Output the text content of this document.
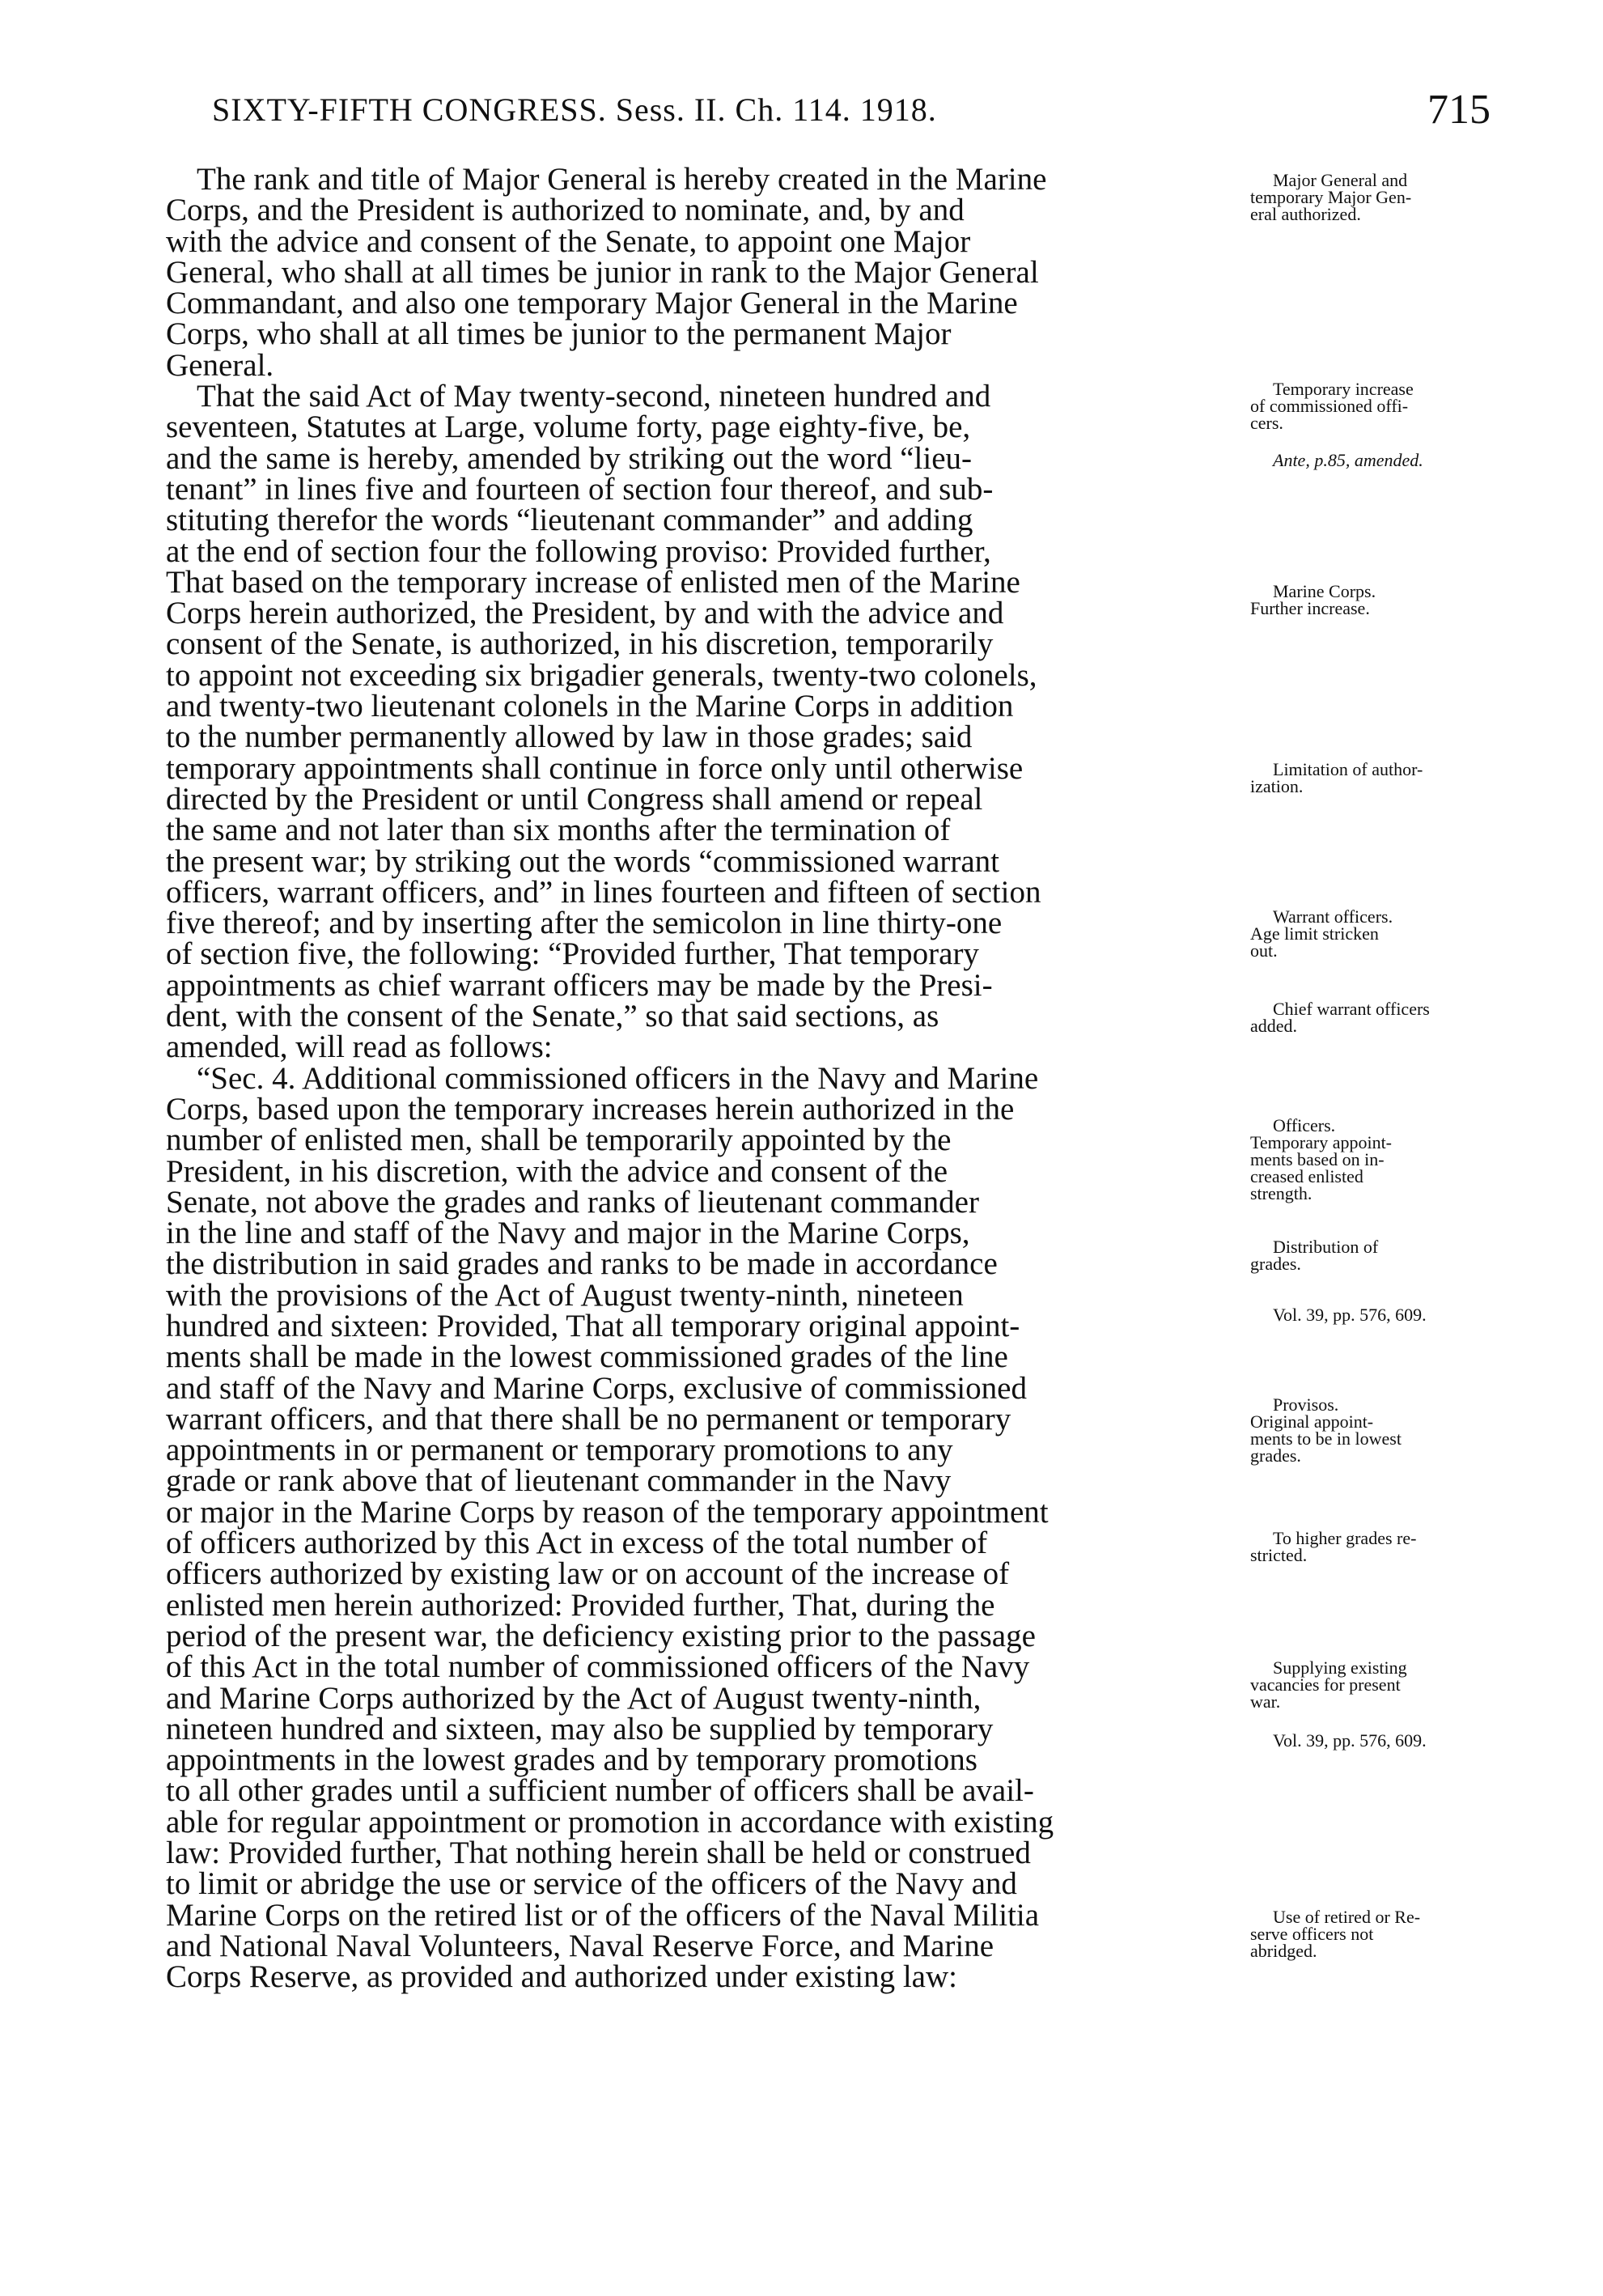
SIXTY-FIFTH CONGRESS. Sess. II. Ch. 114. 1918.	715

The rank and title of Major General is hereby created in the Marine
Corps, and the President is authorized to nominate, and, by and
with the advice and consent of the Senate, to appoint one Major
General, who shall at all times be junior in rank to the Major General
Commandant, and also one temporary Major General in the Marine
Corps, who shall at all times be junior to the permanent Major
General.

That the said Act of May twenty-second, nineteen hundred and
seventeen, Statutes at Large, volume forty, page eighty-five, be,
and the same is hereby, amended by striking out the word “lieu-
tenant” in lines five and fourteen of section four thereof, and sub-
stituting therefor the words “lieutenant commander” and adding
at the end of section four the following proviso: Provided further,
That based on the temporary increase of enlisted men of the Marine
Corps herein authorized, the President, by and with the advice and
consent of the Senate, is authorized, in his discretion, temporarily
to appoint not exceeding six brigadier generals, twenty-two colonels,
and twenty-two lieutenant colonels in the Marine Corps in addition
to the number permanently allowed by law in those grades; said
temporary appointments shall continue in force only until otherwise
directed by the President or until Congress shall amend or repeal
the same and not later than six months after the termination of
the present war; by striking out the words “commissioned warrant
officers, warrant officers, and” in lines fourteen and fifteen of section
five thereof; and by inserting after the semicolon in line thirty-one
of section five, the following: “Provided further, That temporary
appointments as chief warrant officers may be made by the Presi-
dent, with the consent of the Senate,” so that said sections, as
amended, will read as follows:

“Sec. 4. Additional commissioned officers in the Navy and Marine
Corps, based upon the temporary increases herein authorized in the
number of enlisted men, shall be temporarily appointed by the
President, in his discretion, with the advice and consent of the
Senate, not above the grades and ranks of lieutenant commander
in the line and staff of the Navy and major in the Marine Corps,
the distribution in said grades and ranks to be made in accordance
with the provisions of the Act of August twenty-ninth, nineteen
hundred and sixteen: Provided, That all temporary original appoint-
ments shall be made in the lowest commissioned grades of the line
and staff of the Navy and Marine Corps, exclusive of commissioned
warrant officers, and that there shall be no permanent or temporary
appointments in or permanent or temporary promotions to any
grade or rank above that of lieutenant commander in the Navy
or major in the Marine Corps by reason of the temporary appointment
of officers authorized by this Act in excess of the total number of
officers authorized by existing law or on account of the increase of
enlisted men herein authorized: Provided further, That, during the
period of the present war, the deficiency existing prior to the passage
of this Act in the total number of commissioned officers of the Navy
and Marine Corps authorized by the Act of August twenty-ninth,
nineteen hundred and sixteen, may also be supplied by temporary
appointments in the lowest grades and by temporary promotions
to all other grades until a sufficient number of officers shall be avail-
able for regular appointment or promotion in accordance with existing
law: Provided further, That nothing herein shall be held or construed
to limit or abridge the use or service of the officers of the Navy and
Marine Corps on the retired list or of the officers of the Naval Militia
and National Naval Volunteers, Naval Reserve Force, and Marine
Corps Reserve, as provided and authorized under existing law:

Major General and
temporary Major Gen-
eral authorized.
Temporary increase
of commissioned offi-
cers.
Ante, p.85, amended.
Marine Corps.
Further increase.
Limitation of author-
ization.
Warrant officers.
Age limit stricken
out.
Chief warrant officers
added.
Officers.
Temporary appoint-
ments based on in-
creased enlisted
strength.
Distribution of
grades.
Vol. 39, pp. 576, 609.
Provisos.
Original appoint-
ments to be in lowest
grades.
To higher grades re-
stricted.
Supplying existing
vacancies for present
war.
Vol. 39, pp. 576, 609.
Use of retired or Re-
serve officers not
abridged.
